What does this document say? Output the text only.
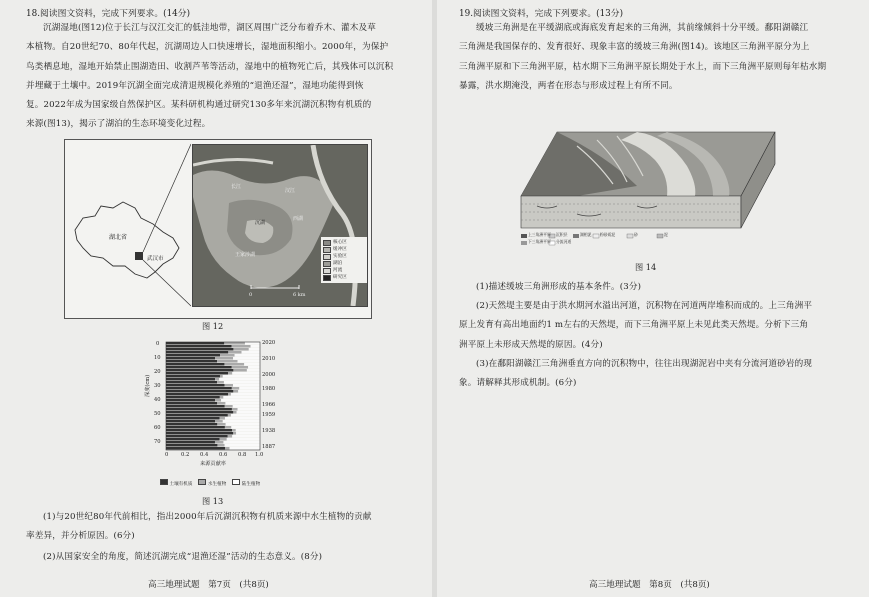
18.阅读图文资料，完成下列要求。(14分)
沉湖湿地(图12)位于长江与汉江交汇的低洼地带，湖区周围广泛分布着乔木、灌木及草
本植物。自20世纪70、80年代起，沉湖周边人口快速增长，湿地面积缩小。2000年，为保护
鸟类栖息地，湿地开始禁止围湖造田、收割芦苇等活动，湿地中的植物死亡后，其残体可以沉积
并埋藏于土壤中。2019年沉湖全面完成清退规模化养殖的“退渔还湿”，湿地功能得到恢
复。2022年成为国家级自然保护区。某科研机构通过研究130多年来沉湖沉积物有机质的
来源(图13)，揭示了湖泊的生态环境变化过程。
湖北省
武汉市
长江
汉江
沉湖
西湖
王家涉湖
核心区
缓冲区
实验区
湖泊
河流
研究区
0	6 km
图 12
深度(cm)
0
10
20
30
40
50
60
70
2020
2010
2000
1980
1966
1959
1938
1887
0 0.2 0.4 0.6 0.8 1.0
来源贡献率
土壤有机质	水生植物	陆生植物
图 13
(1)与20世纪80年代前相比，指出2000年后沉湖沉积物有机质来源中水生植物的贡献
率差异，并分析原因。(6分)
(2)从国家安全的角度，简述沉湖完成“退渔还湿”活动的生态意义。(8分)
高三地理试题　第7页　(共8页)
19.阅读图文资料，完成下列要求。(13分)
缓坡三角洲是在平缓湖底或海底发育起来的三角洲，其前缘倾斜十分平缓。鄱阳湖赣江
三角洲是我国保存的、发育很好、现象丰富的缓坡三角洲(图14)。该地区三角洲平原分为上
三角洲平原和下三角洲平原，枯水期下三角洲平原长期处于水上，而下三角洲平原则每年枯水期
暴露，洪水期淹没，两者在形态与形成过程上有所不同。
上三角洲平原
下三角洲平原
沉积层
分流河道
湖相泥 粉砂质泥	砂	泥
图 14
(1)描述缓坡三角洲形成的基本条件。(3分)
(2)天然堤主要是由于洪水期河水溢出河道，沉积物在河道两岸堆积而成的。上三角洲平
原上发育有高出地面约1 m左右的天然堤，而下三角洲平原上未见此类天然堤。分析下三角
洲平原上未形成天然堤的原因。(4分)
(3)在鄱阳湖赣江三角洲垂直方向的沉积物中，往往出现湖泥岩中夹有分流河道砂岩的现
象。请解释其形成机制。(6分)
高三地理试题　第8页　(共8页)
